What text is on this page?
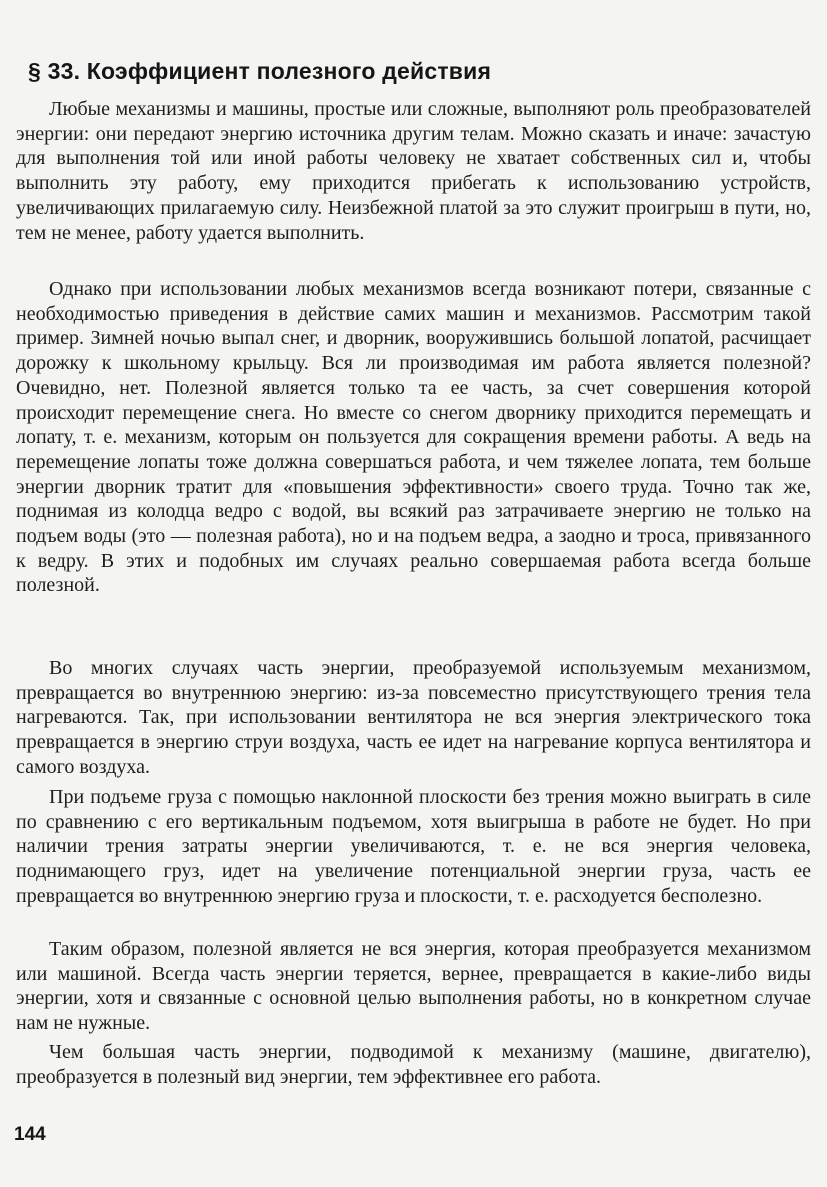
§ 33. Коэффициент полезного действия

Любые механизмы и машины, простые или сложные, выполняют роль преобразователей энергии: они передают энергию источника другим телам. Можно сказать и иначе: зачастую для выполнения той или иной работы человеку не хватает собственных сил и, чтобы выполнить эту работу, ему приходится прибегать к использованию устройств, увеличивающих прилагаемую силу. Неизбежной платой за это служит проигрыш в пути, но, тем не менее, работу удается выполнить.

Однако при использовании любых механизмов всегда возникают потери, связанные с необходимостью приведения в действие самих машин и механизмов. Рассмотрим такой пример. Зимней ночью выпал снег, и дворник, вооружившись большой лопатой, расчищает дорожку к школьному крыльцу. Вся ли производимая им работа является полезной? Очевидно, нет. Полезной является только та ее часть, за счет совершения которой происходит перемещение снега. Но вместе со снегом дворнику приходится перемещать и лопату, т. е. механизм, которым он пользуется для сокращения времени работы. А ведь на перемещение лопаты тоже должна совершаться работа, и чем тяжелее лопата, тем больше энергии дворник тратит для «повышения эффективности» своего труда. Точно так же, поднимая из колодца ведро с водой, вы всякий раз затрачиваете энергию не только на подъем воды (это — полезная работа), но и на подъем ведра, а заодно и троса, привязанного к ведру. В этих и подобных им случаях реально совершаемая работа всегда больше полезной.

Во многих случаях часть энергии, преобразуемой используемым механизмом, превращается во внутреннюю энергию: из-за повсеместно присутствующего трения тела нагреваются. Так, при использовании вентилятора не вся энергия электрического тока превращается в энергию струи воздуха, часть ее идет на нагревание корпуса вентилятора и самого воздуха.

При подъеме груза с помощью наклонной плоскости без трения можно выиграть в силе по сравнению с его вертикальным подъемом, хотя выигрыша в работе не будет. Но при наличии трения затраты энергии увеличиваются, т. е. не вся энергия человека, поднимающего груз, идет на увеличение потенциальной энергии груза, часть ее превращается во внутреннюю энергию груза и плоскости, т. е. расходуется бесполезно.

Таким образом, полезной является не вся энергия, которая преобразуется механизмом или машиной. Всегда часть энергии теряется, вернее, превращается в какие-либо виды энергии, хотя и связанные с основной целью выполнения работы, но в конкретном случае нам не нужные.

Чем большая часть энергии, подводимой к механизму (машине, двигателю), преобразуется в полезный вид энергии, тем эффективнее его работа.

144
